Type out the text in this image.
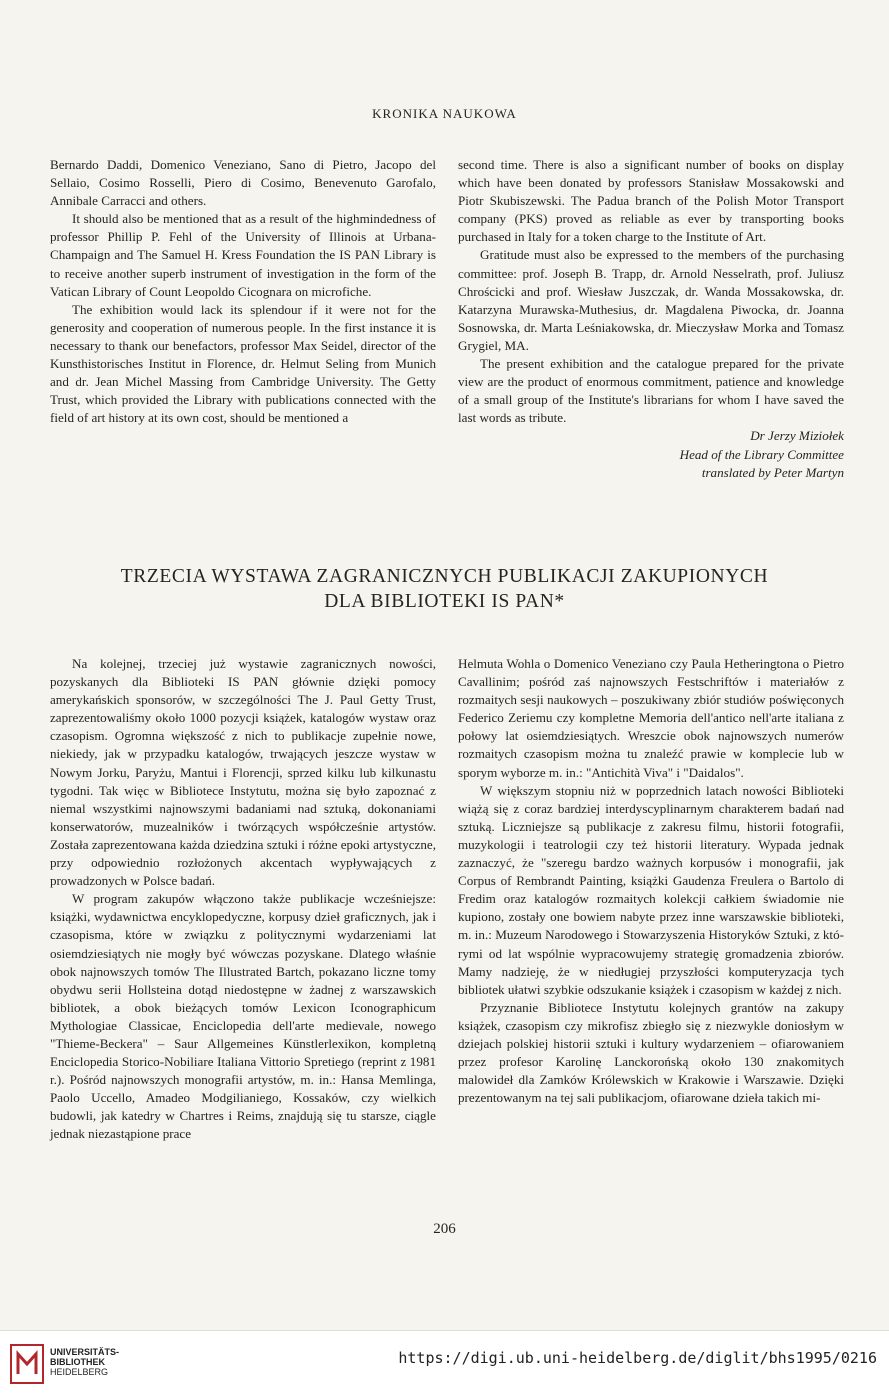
KRONIKA NAUKOWA

Bernardo Daddi, Domenico Veneziano, Sano di Pietro, Jacopo del Sellaio, Cosimo Rosselli, Piero di Cosimo, Benevenuto Garofalo, Annibale Carracci and others.

It should also be mentioned that as a result of the highmindedness of professor Phillip P. Fehl of the University of Illinois at Urbana-Champaign and The Samuel H. Kress Foundation the IS PAN Library is to receive another superb instrument of investigation in the form of the Vatican Library of Count Leopoldo Cicognara on microfiche.

The exhibition would lack its splendour if it were not for the generosity and cooperation of numerous people. In the first instance it is necessary to thank our benefactors, professor Max Seidel, director of the Kunsthistorisches Institut in Florence, dr. Helmut Seling from Munich and dr. Jean Michel Massing from Cambridge University. The Getty Trust, which provided the Library with publications connected with the field of art history at its own cost, should be mentioned a

second time. There is also a significant number of books on display which have been donated by professors Stanisław Mossakowski and Piotr Skubiszewski. The Padua branch of the Polish Motor Transport company (PKS) proved as reliable as ever by transporting books purchased in Italy for a token charge to the Institute of Art.

Gratitude must also be expressed to the members of the purchasing committee: prof. Joseph B. Trapp, dr. Arnold Nesselrath, prof. Juliusz Chrościcki and prof. Wiesław Juszczak, dr. Wanda Mossakowska, dr. Katarzyna Murawska-Muthesius, dr. Magdalena Piwocka, dr. Joanna Sosnowska, dr. Marta Leśniakowska, dr. Mieczysław Morka and Tomasz Grygiel, MA.

The present exhibition and the catalogue prepared for the private view are the product of enormous commitment, patience and knowledge of a small group of the Institute's librarians for whom I have saved the last words as tribute.

Dr Jerzy Miziołek

Head of the Library Committee

translated by Peter Martyn

TRZECIA WYSTAWA ZAGRANICZNYCH PUBLIKACJI ZAKUPIONYCH
DLA BIBLIOTEKI IS PAN*

Na kolejnej, trzeciej już wystawie zagranicznych nowości, pozyskanych dla Biblioteki IS PAN głównie dzięki pomocy amerykańskich sponsorów, w szczególności The J. Paul Getty Trust, zaprezentowaliśmy około 1000 pozycji książek, katalogów wystaw oraz czasopism. Ogromna większość z nich to publikacje zupełnie nowe, niekiedy, jak w przypadku katalogów, trwających jeszcze wystaw w Nowym Jorku, Paryżu, Mantui i Florencji, sprzed kilku lub kilkunastu tygodni. Tak więc w Bibliotece Instytutu, można się było zapoznać z niemal wszystkimi najnowszymi badaniami nad sztuką, dokonaniami konserwatorów, muzealników i twórzących współcześnie artystów. Została zaprezentowana każda dziedzina sztuki i różne epoki artystyczne, przy odpowiednio rozłożonych akcentach wypływających z prowadzonych w Polsce badań.

W program zakupów włączono także publikacje wcześniejsze: książki, wydawnictwa encyklopedyczne, korpusy dzieł graficznych, jak i czasopisma, które w związku z politycznymi wydarzeniami lat osiemdziesiątych nie mogły być wówczas pozyskane. Dlatego właśnie obok najnowszych tomów The Illustrated Bartch, pokazano liczne tomy obydwu serii Hollsteina dotąd niedostępne w żadnej z warszawskich bibliotek, a obok bieżących tomów Lexicon Iconographicum Mythologiae Classicae, Enciclopedia dell'arte medievale, nowego "Thieme-Beckera" – Saur Allgemeines Künstlerlexikon, kompletną Enciclopedia Storico-Nobiliare Italiana Vittorio Spretiego (reprint z 1981 r.). Pośród najnowszych monografii artystów, m. in.: Hansa Memlinga, Paolo Uccello, Amadeo Modgilianiego, Kossaków, czy wielkich budowli, jak katedry w Chartres i Reims, znajdują się tu starsze, ciągle jednak niezastąpione prace

Helmuta Wohla o Domenico Veneziano czy Paula Hetheringtona o Pietro Cavallinim; pośród zaś najnowszych Festschriftów i materiałów z rozmaitych sesji naukowych – poszukiwany zbiór studiów poświęconych Federico Zeriemu czy kompletne Memoria dell'antico nell'arte italiana z połowy lat osiemdziesiątych. Wreszcie obok najnowszych numerów rozmaitych czasopism można tu znaleźć prawie w komplecie lub w sporym wyborze m. in.: "Antichità Viva" i "Daidalos".

W większym stopniu niż w poprzednich latach nowości Biblioteki wiążą się z coraz bardziej interdyscyplinarnym charakterem badań nad sztuką. Liczniejsze są publikacje z zakresu filmu, historii fotografii, muzykologii i teatrologii czy też historii literatury. Wypada jednak zaznaczyć, że "szeregu bardzo ważnych korpusów i monografii, jak Corpus of Rembrandt Painting, książki Gaudenza Freulera o Bartolo di Fredim oraz katalogów rozmaitych kolekcji całkiem świadomie nie kupiono, zostały one bowiem nabyte przez inne warszawskie biblioteki, m. in.: Muzeum Narodowego i Stowarzyszenia Historyków Sztuki, z którymi od lat wspólnie wypracowujemy strategię gromadzenia zbiorów. Mamy nadzieję, że w niedługiej przyszłości komputeryzacja tych bibliotek ułatwi szybkie odszukanie książek i czasopism w każdej z nich.

Przyznanie Bibliotece Instytutu kolejnych grantów na zakupy książek, czasopism czy mikrofisz zbiegło się z niezwykle doniosłym w dziejach polskiej historii sztuki i kultury wydarzeniem – ofiarowaniem przez profesor Karolinę Lanckorońską około 130 znakomitych malowideł dla Zamków Królewskich w Krakowie i Warszawie. Dzięki prezentowanym na tej sali publikacjom, ofiarowane dzieła takich mi-

206
UNIVERSITÄTS-
BIBLIOTHEK
HEIDELBERG
https://digi.ub.uni-heidelberg.de/diglit/bhs1995/0216
